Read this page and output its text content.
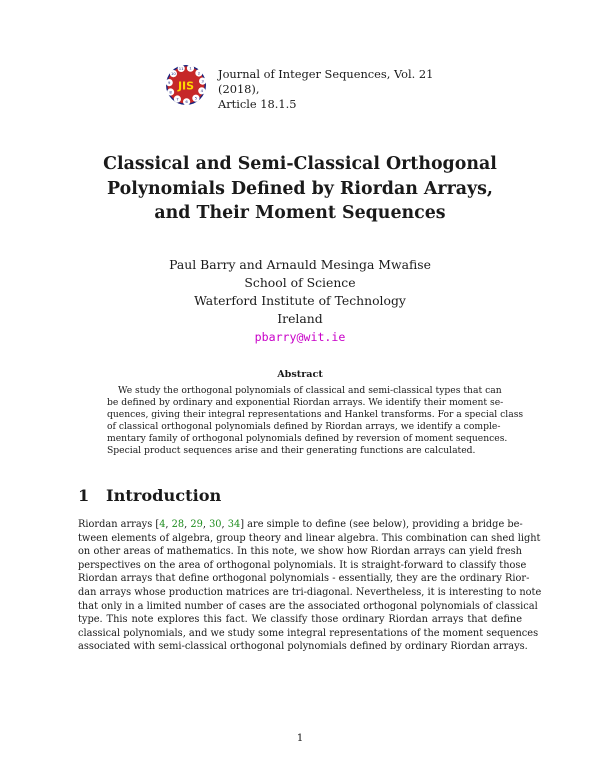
1
2
3
4
5
6
7
8
9
10
11
JIS
Journal of Integer Sequences, Vol. 21 (2018),
Article 18.1.5
Classical and Semi-Classical Orthogonal
Polynomials Defined by Riordan Arrays,
and Their Moment Sequences
Paul Barry and Arnauld Mesinga Mwafise
School of Science
Waterford Institute of Technology
Ireland
pbarry@wit.ie
Abstract
We study the orthogonal polynomials of classical and semi-classical types that can
be defined by ordinary and exponential Riordan arrays. We identify their moment se-
quences, giving their integral representations and Hankel transforms. For a special class
of classical orthogonal polynomials defined by Riordan arrays, we identify a comple-
mentary family of orthogonal polynomials defined by reversion of moment sequences.
Special product sequences arise and their generating functions are calculated.
1 Introduction
Riordan arrays [4, 28, 29, 30, 34] are simple to define (see below), providing a bridge be-
tween elements of algebra, group theory and linear algebra. This combination can shed light
on other areas of mathematics. In this note, we show how Riordan arrays can yield fresh
perspectives on the area of orthogonal polynomials. It is straight-forward to classify those
Riordan arrays that define orthogonal polynomials - essentially, they are the ordinary Rior-
dan arrays whose production matrices are tri-diagonal. Nevertheless, it is interesting to note
that only in a limited number of cases are the associated orthogonal polynomials of classical
type. This note explores this fact. We classify those ordinary Riordan arrays that define
classical polynomials, and we study some integral representations of the moment sequences
associated with semi-classical orthogonal polynomials defined by ordinary Riordan arrays.
1
